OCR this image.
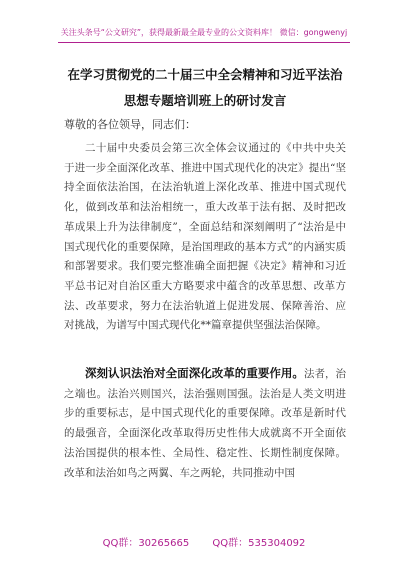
关注头条号“公文研究”，获得最新最全最专业的公文资料库！ 微信：gongwenyj
在学习贯彻党的二十届三中全会精神和习近平法治思想专题培训班上的研讨发言
尊敬的各位领导，同志们：

二十届中央委员会第三次全体会议通过的《中共中央关于进一步全面深化改革、推进中国式现代化的决定》提出“坚持全面依法治国，在法治轨道上深化改革、推进中国式现代化，做到改革和法治相统一，重大改革于法有据、及时把改革成果上升为法律制度”，全面总结和深刻阐明了“法治是中国式现代化的重要保障，是治国理政的基本方式”的内涵实质和部署要求。我们要完整准确全面把握《决定》精神和习近平总书记对自治区重大方略要求中蕴含的改革思想、改革方法、改革要求，努力在法治轨道上促进发展、保障善治、应对挑战，为谱写中国式现代化**篇章提供坚强法治保障。

深刻认识法治对全面深化改革的重要作用。法者，治之端也。法治兴则国兴，法治强则国强。法治是人类文明进步的重要标志，是中国式现代化的重要保障。改革是新时代的最强音，全面深化改革取得历史性伟大成就离不开全面依法治国提供的根本性、全局性、稳定性、长期性制度保障。改革和法治如鸟之两翼、车之两轮，共同推动中国

QQ群：30265665 QQ群：535304092
